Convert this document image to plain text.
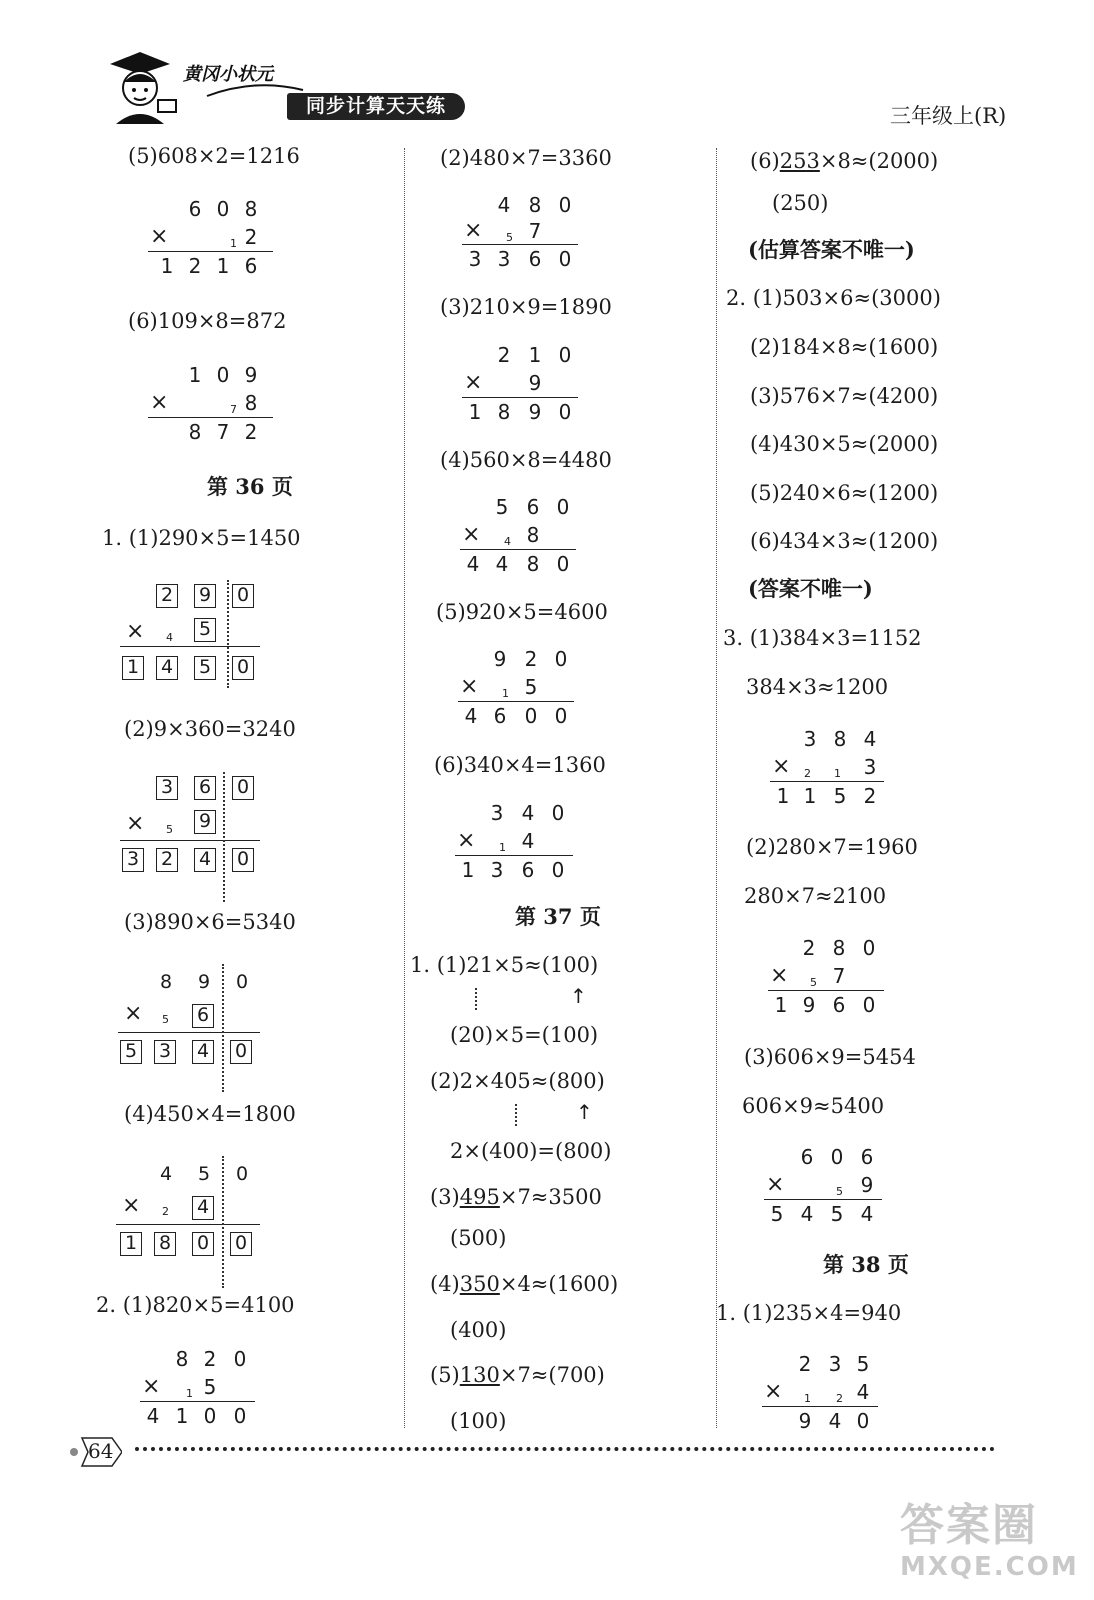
黄冈小状元
同步计算天天练	三年级上(R)
(5)608×2=1216
6 0 8
×	1 2
1 2 1 6
(6)109×8=872
1 0 9
×	7 8
8 7 2
第 36 页
1. (1)290×5=1450
2 9 0
× 4 5
1 4 5 0
(2)9×360=3240
3 6 0
× 5 9
3 2 4 0
(3)890×6=5340
8 9 0
× 5 6
5 3 4 0
(4)450×4=1800
4 5 0
× 2 4
1 8 0 0
2. (1)820×5=4100
8 2 0
× 1 5
4 1 0 0
(2)480×7=3360
4 8 0
× 5 7
3 3 6 0
(3)210×9=1890
2 1 0
×	9
1 8 9 0
(4)560×8=4480
5 6 0
× 4 8
4 4 8 0
(5)920×5=4600
9 2 0
× 1 5
4 6 0 0
(6)340×4=1360
3 4 0
× 1 4
1 3 6 0
第 37 页
1. (1)21×5≈(100)
↑
(20)×5=(100)
(2)2×405≈(800)
↑
2×(400)=(800)
(3)495×7≈3500
(500)
(4)350×4≈(1600)
(400)
(5)130×7≈(700)
(100)
(6)253×8≈(2000)
(250)
(估算答案不唯一)
2. (1)503×6≈(3000)
(2)184×8≈(1600)
(3)576×7≈(4200)
(4)430×5≈(2000)
(5)240×6≈(1200)
(6)434×3≈(1200)
(答案不唯一)
3. (1)384×3=1152
384×3≈1200
3 8 4
× 2 1	3
1 1 5 2
(2)280×7=1960
280×7≈2100
2 8 0
× 5 7
1 9 6 0
(3)606×9=5454
606×9≈5400
6 0 6
×	5 9
5 4 5 4
第 38 页
1. (1)235×4=940
2 3 5
× 1 2 4
9 4 0
64
答案圈
MXQE.COM
